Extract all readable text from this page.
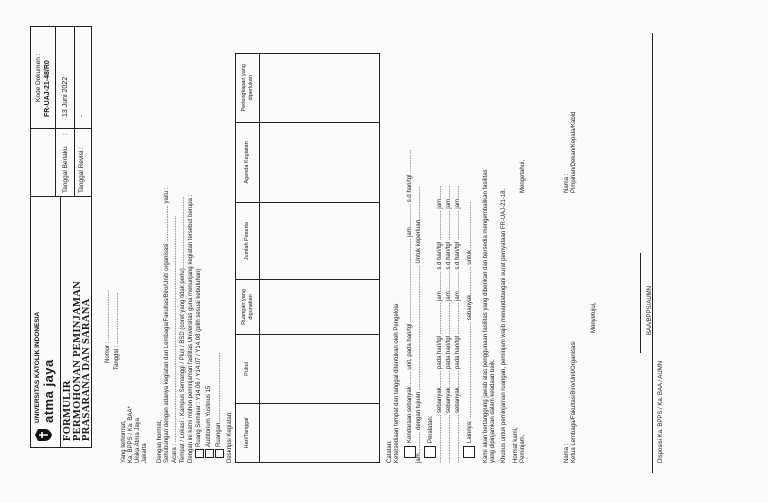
UNIVERSITAS KATOLIK INDONESIA atma jaya FORMULIR PERMOHONAN PEMINJAMAN
PRASARANA DAN SARANA
Kode Dokumen : FR-UAJ-21-48/R0
Tanggal Berlaku
:
13 Juni 2022
Tanggal Revisi :
-
Nomor : .............................. Tanggal : ...............................
Yang terhormat, Ka. BPPS / Ka. BAA* Unika Atma Jaya Jakarta Dengan hormat, Sehubungan dengan adanya kegiatan dari Lembaga/Fakultas/Biro/Unit/ organisasi ...................... yaitu : Acara : ........................................................................................................................................ Tempat / Lokasi : Kampus Semanggi / Pluit / BSD (coret yang tidak perlu)........................................... Dengan ini kami mohon peminjaman fasilitas Universitas guna menunjang kegiatan tersebut berupa : Ruang Seminar : Y14.06 / Y14.07 / Y14.08 (pilih sesuai kebutuhan) Auditorium Yustinus 15 Ruangan.......................................... Deskripsi Kegiatan: Hari/Tanggal	Pukul	Ruangan yang digunakan	Jumlah Peserta	Agenda Kegiatan	Perlengkapan yang diperlukan

Catatan: Ketersediaan tempat dan tanggal ditentukan oleh Pengelola Kendaraan sebanyak ........ unit, pada hari/tgl .................................................. jam.............. s.d hari/tgl .............. jam............. dengan tujuan ........................................................................... Untuk keperluan.................... Peralatan: ............................. sebanyak.......... pada hari/tgl ................... jam............ s.d hari/tgl .................. jam........ ............................. sebanyak.......... pada hari/tgl ................... jam............ s.d hari/tgl .................. jam........ ............................. sebanyak.......... pada hari/tgl ................... jam............ s.d hari/tgl .................. jam........ Lainnya: .......................................................... sebanyak................. untuk............................. Kami akan bertanggung jawab atas penggunaan fasilitas yang diberikan dan bersedia mengembalikan fasilitas yang dipinjamkan dalam keadaan baik. Khusus untuk peminjaman ruangan, peminjam wajib menandatangani surat pernyataan FR-UAJ-21-18. Hormat kami, Peminjam,
Mengetahui,
Nama : Ketua Lembaga/Fakultas/Biro/Unit/Organisasi
Nama : Pimpinan/Dekan/Kepala/Kabid
Menyetujui,	BAA/BPPS/AUMN
Disposisi Ka. BPPS / Ka. BAA / AUMN
